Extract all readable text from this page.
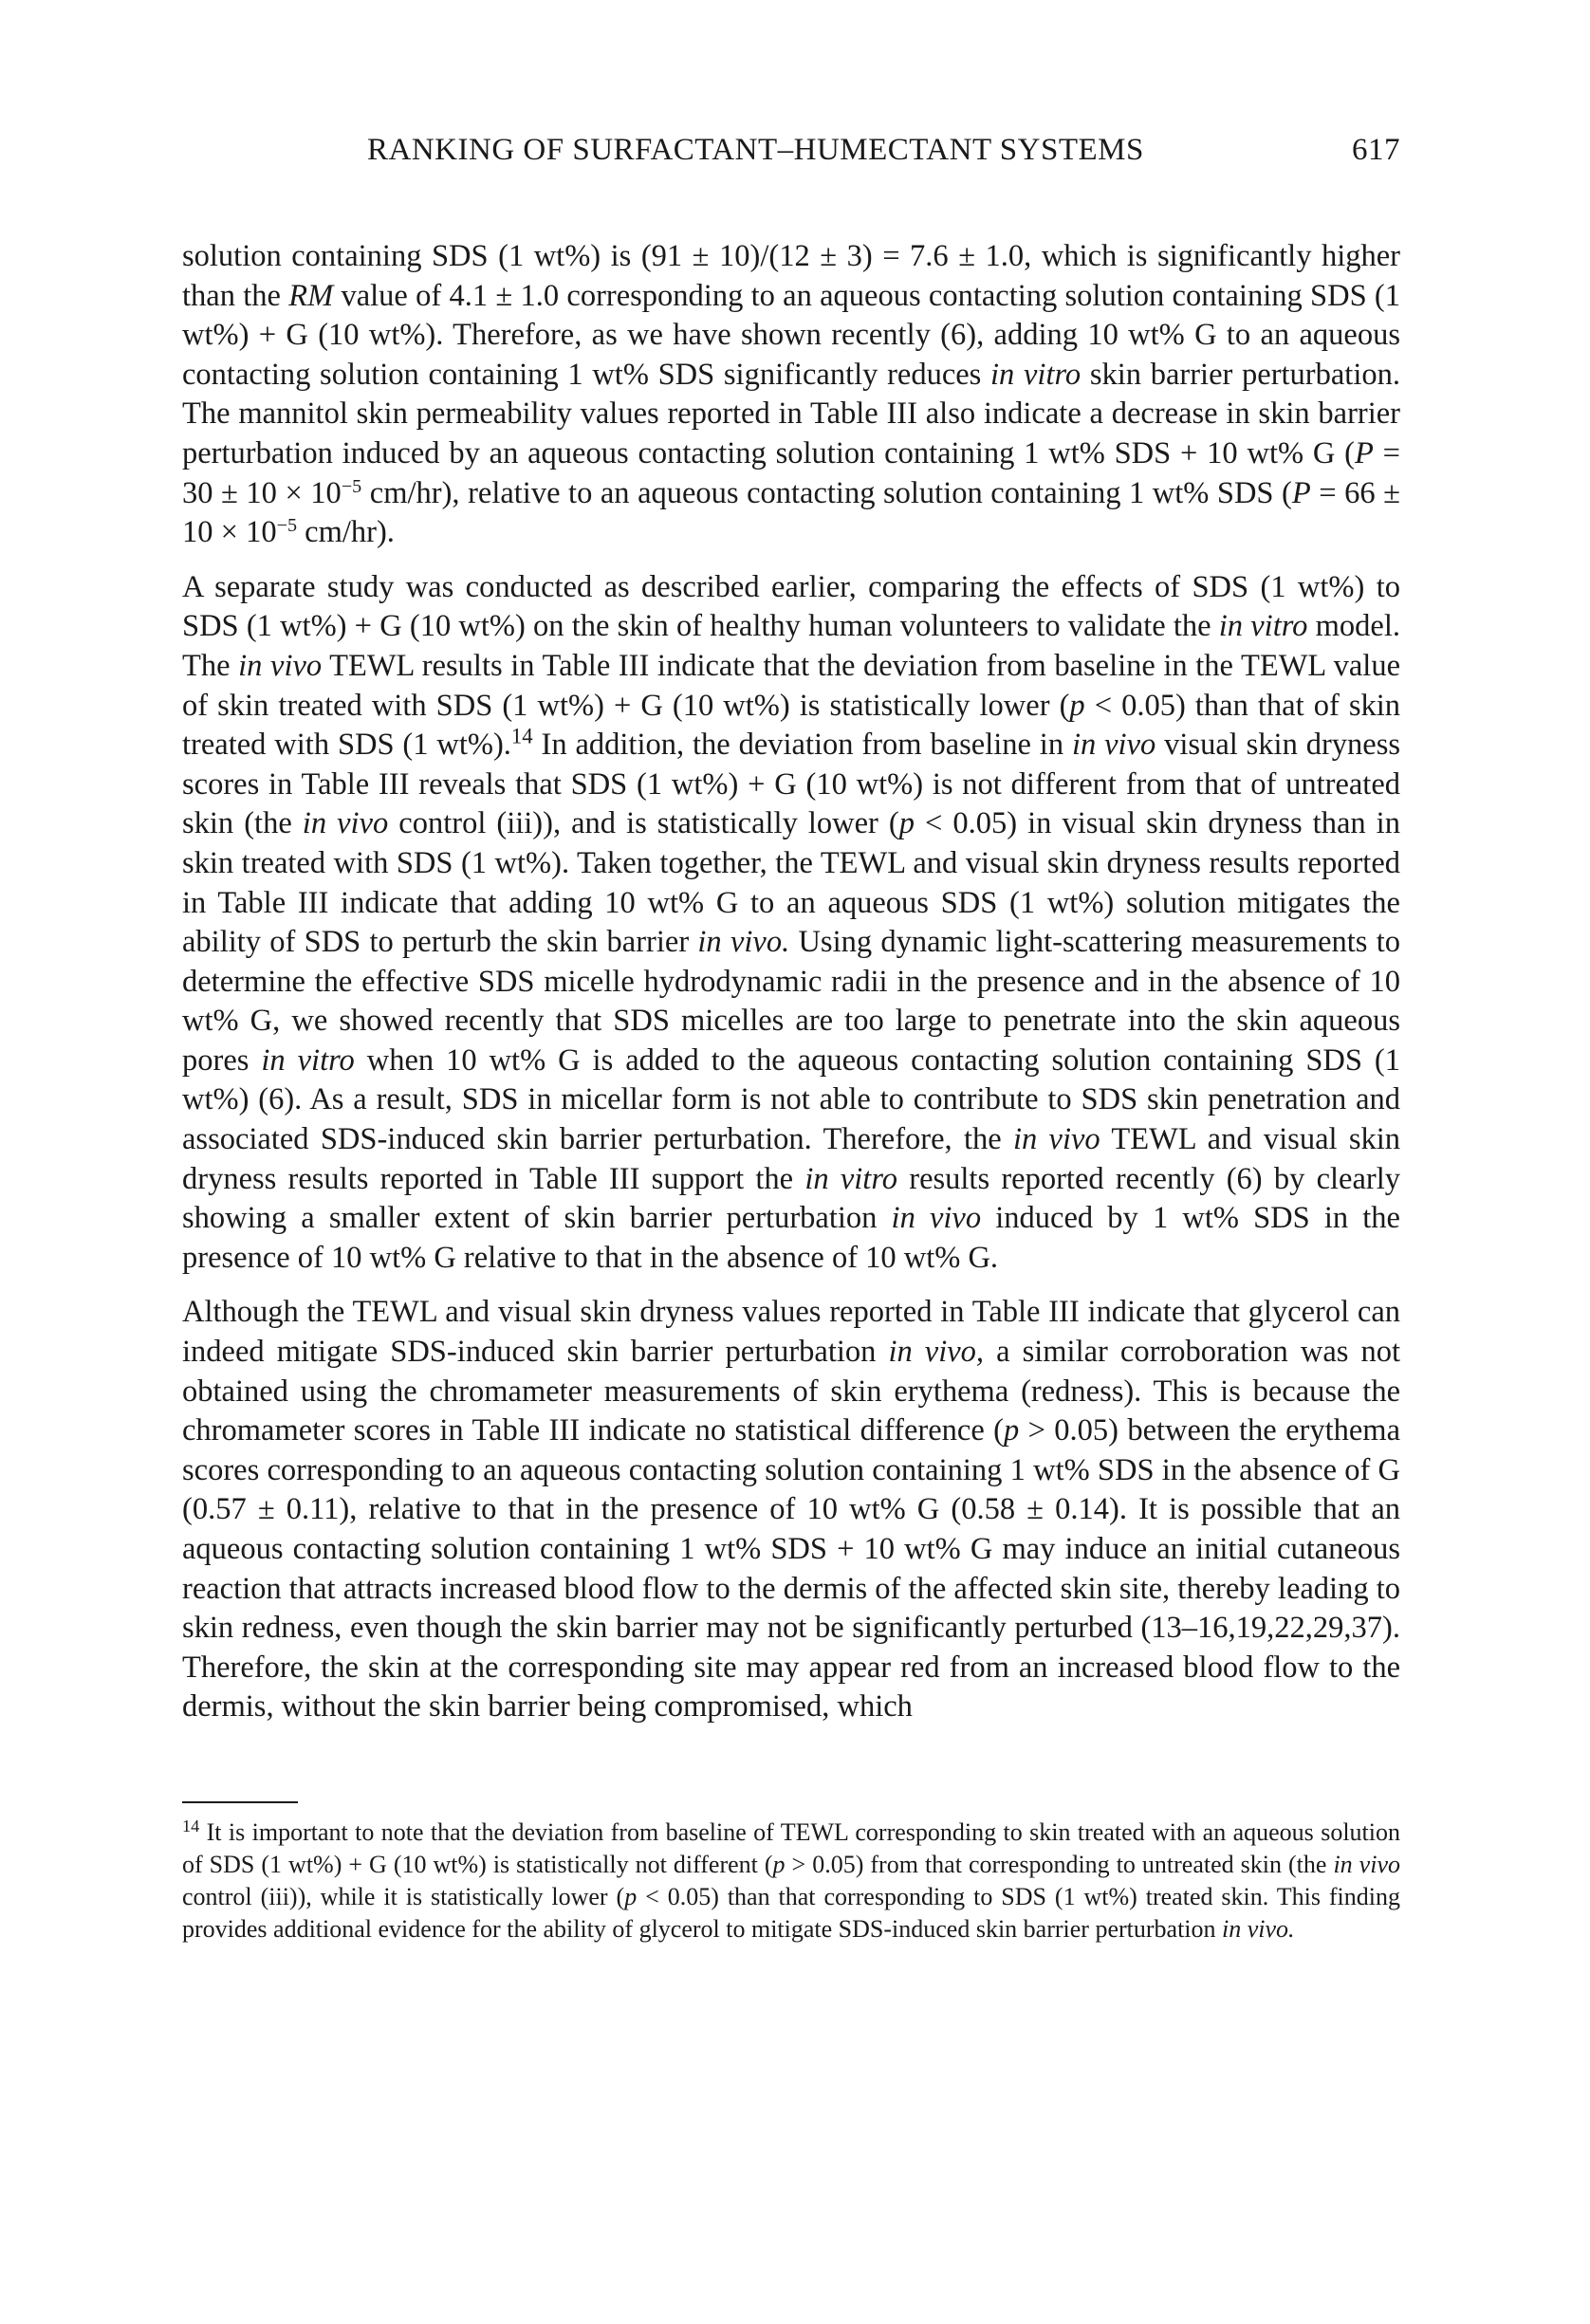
RANKING OF SURFACTANT–HUMECTANT SYSTEMS	617

solution containing SDS (1 wt%) is (91 ± 10)/(12 ± 3) = 7.6 ± 1.0, which is significantly higher than the RM value of 4.1 ± 1.0 corresponding to an aqueous contacting solution containing SDS (1 wt%) + G (10 wt%). Therefore, as we have shown recently (6), adding 10 wt% G to an aqueous contacting solution containing 1 wt% SDS significantly reduces in vitro skin barrier perturbation. The mannitol skin permeability values reported in Table III also indicate a decrease in skin barrier perturbation induced by an aqueous contacting solution containing 1 wt% SDS + 10 wt% G ($P = 30 \pm 10 \times 10^{-5}$ cm/hr), relative to an aqueous contacting solution containing 1 wt% SDS ($P = 66 \pm 10 \times 10^{-5}$ cm/hr).

A separate study was conducted as described earlier, comparing the effects of SDS (1 wt%) to SDS (1 wt%) + G (10 wt%) on the skin of healthy human volunteers to validate the in vitro model. The in vivo TEWL results in Table III indicate that the deviation from baseline in the TEWL value of skin treated with SDS (1 wt%) + G (10 wt%) is statistically lower (p < 0.05) than that of skin treated with SDS (1 wt%).$^{14}$ In addition, the deviation from baseline in in vivo visual skin dryness scores in Table III reveals that SDS (1 wt%) + G (10 wt%) is not different from that of untreated skin (the in vivo control (iii)), and is statistically lower (p < 0.05) in visual skin dryness than in skin treated with SDS (1 wt%). Taken together, the TEWL and visual skin dryness results reported in Table III indicate that adding 10 wt% G to an aqueous SDS (1 wt%) solution mitigates the ability of SDS to perturb the skin barrier in vivo. Using dynamic light-scattering measurements to determine the effective SDS micelle hydrodynamic radii in the presence and in the absence of 10 wt% G, we showed recently that SDS micelles are too large to penetrate into the skin aqueous pores in vitro when 10 wt% G is added to the aqueous contacting solution containing SDS (1 wt%) (6). As a result, SDS in micellar form is not able to contribute to SDS skin penetration and associated SDS-induced skin barrier perturbation. Therefore, the in vivo TEWL and visual skin dryness results reported in Table III support the in vitro results reported recently (6) by clearly showing a smaller extent of skin barrier perturbation in vivo induced by 1 wt% SDS in the presence of 10 wt% G relative to that in the absence of 10 wt% G.

Although the TEWL and visual skin dryness values reported in Table III indicate that glycerol can indeed mitigate SDS-induced skin barrier perturbation in vivo, a similar corroboration was not obtained using the chromameter measurements of skin erythema (redness). This is because the chromameter scores in Table III indicate no statistical difference (p > 0.05) between the erythema scores corresponding to an aqueous contacting solution containing 1 wt% SDS in the absence of G (0.57 ± 0.11), relative to that in the presence of 10 wt% G (0.58 ± 0.14). It is possible that an aqueous contacting solution containing 1 wt% SDS + 10 wt% G may induce an initial cutaneous reaction that attracts increased blood flow to the dermis of the affected skin site, thereby leading to skin redness, even though the skin barrier may not be significantly perturbed (13–16,19,22,29,37). Therefore, the skin at the corresponding site may appear red from an increased blood flow to the dermis, without the skin barrier being compromised, which

$^{14}$ It is important to note that the deviation from baseline of TEWL corresponding to skin treated with an aqueous solution of SDS (1 wt%) + G (10 wt%) is statistically not different (p > 0.05) from that corresponding to untreated skin (the in vivo control (iii)), while it is statistically lower (p < 0.05) than that corresponding to SDS (1 wt%) treated skin. This finding provides additional evidence for the ability of glycerol to mitigate SDS-induced skin barrier perturbation in vivo.
